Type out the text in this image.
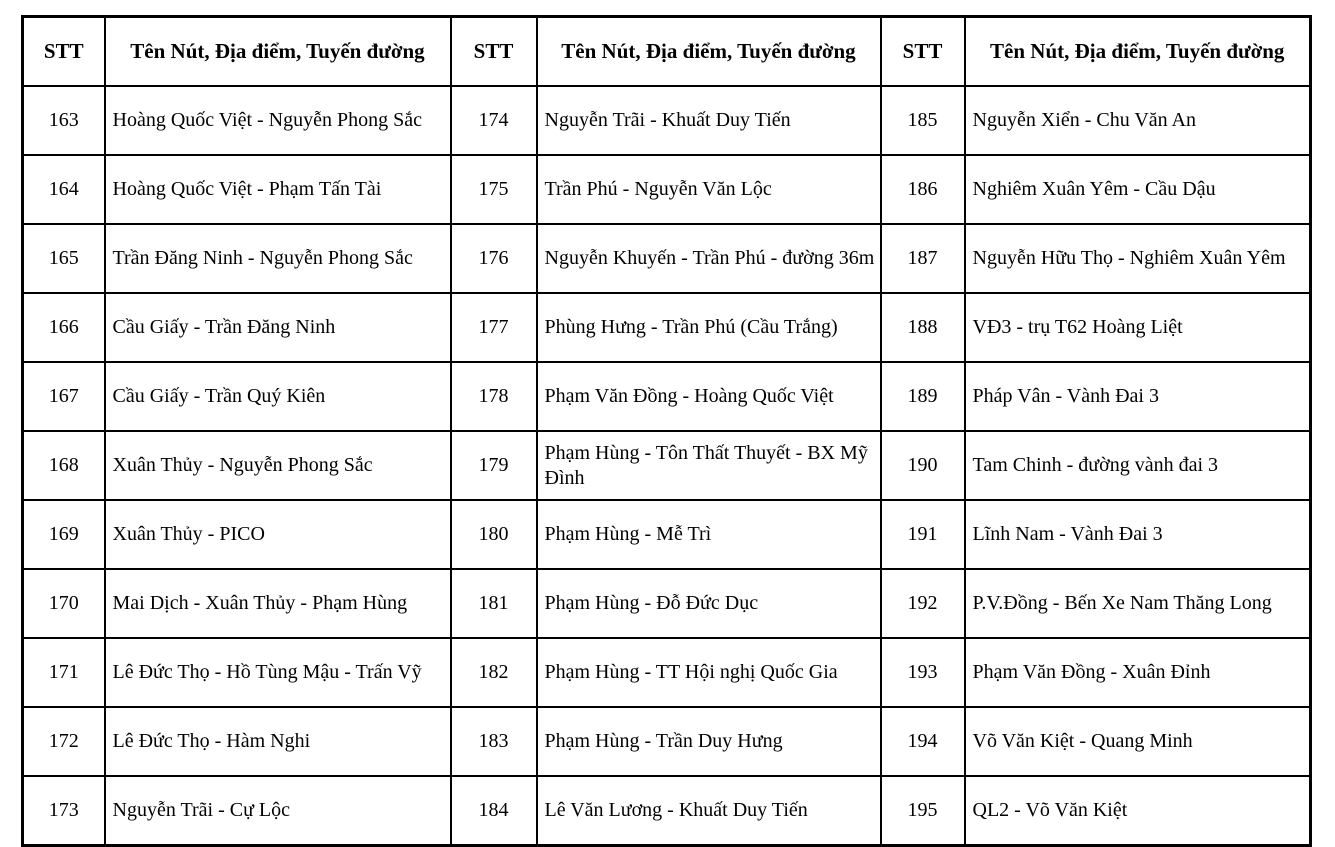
STT	Tên Nút, Địa điểm, Tuyến đường	STT	Tên Nút, Địa điểm, Tuyến đường	STT	Tên Nút, Địa điểm, Tuyến đường
163	Hoàng Quốc Việt - Nguyễn Phong Sắc	174	Nguyễn Trãi - Khuất Duy Tiến	185	Nguyễn Xiển - Chu Văn An
164	Hoàng Quốc Việt - Phạm Tấn Tài	175	Trần Phú - Nguyễn Văn Lộc	186	Nghiêm Xuân Yêm - Cầu Dậu
165	Trần Đăng Ninh - Nguyễn Phong Sắc	176	Nguyễn Khuyến - Trần Phú - đường 36m	187	Nguyễn Hữu Thọ - Nghiêm Xuân Yêm
166	Cầu Giấy - Trần Đăng Ninh	177	Phùng Hưng - Trần Phú (Cầu Trắng)	188	VĐ3 - trụ T62 Hoàng Liệt
167	Cầu Giấy - Trần Quý Kiên	178	Phạm Văn Đồng - Hoàng Quốc Việt	189	Pháp Vân - Vành Đai 3
168	Xuân Thủy - Nguyễn Phong Sắc	179	Phạm Hùng - Tôn Thất Thuyết - BX Mỹ Đình	190	Tam Chinh - đường vành đai 3
169	Xuân Thủy - PICO	180	Phạm Hùng - Mễ Trì	191	Lĩnh Nam - Vành Đai 3
170	Mai Dịch - Xuân Thủy - Phạm Hùng	181	Phạm Hùng - Đỗ Đức Dục	192	P.V.Đồng - Bến Xe Nam Thăng Long
171	Lê Đức Thọ - Hồ Tùng Mậu - Trấn Vỹ	182	Phạm Hùng - TT Hội nghị Quốc Gia	193	Phạm Văn Đồng - Xuân Đỉnh
172	Lê Đức Thọ - Hàm Nghi	183	Phạm Hùng - Trần Duy Hưng	194	Võ Văn Kiệt - Quang Minh
173	Nguyễn Trãi - Cự Lộc	184	Lê Văn Lương - Khuất Duy Tiến	195	QL2 - Võ Văn Kiệt
